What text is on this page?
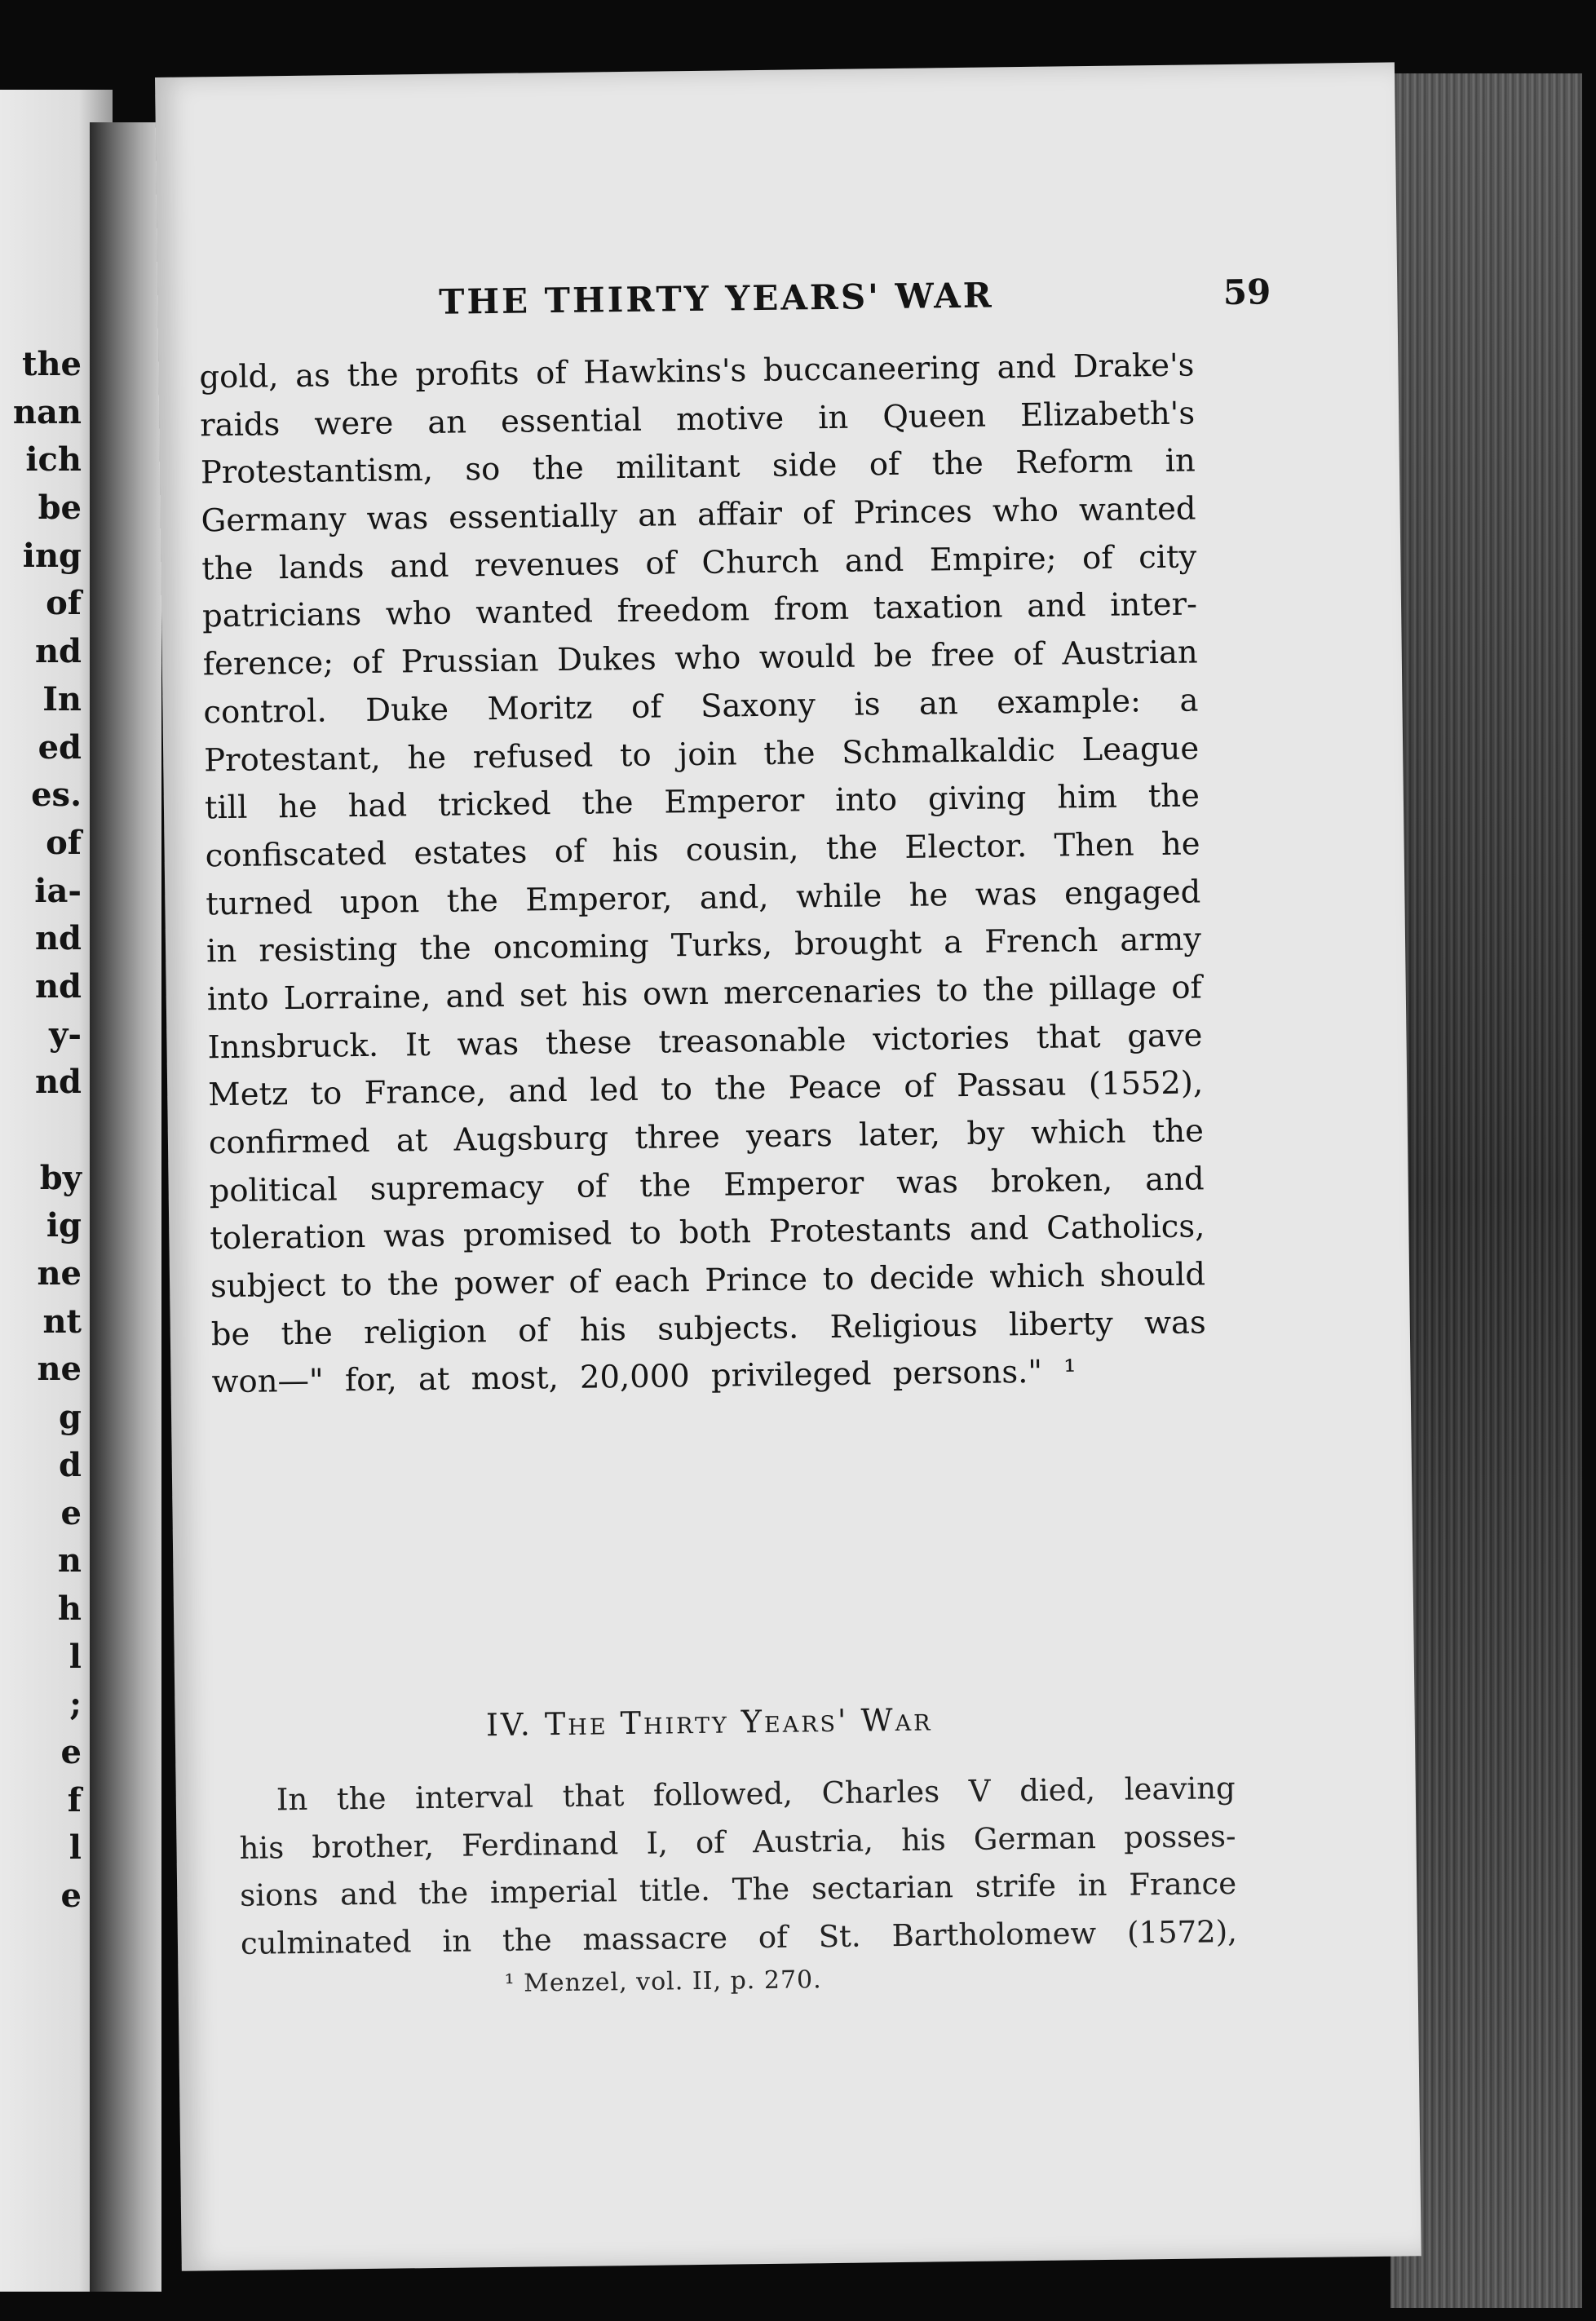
the
nan
ich
be
ing
of
nd
In
ed
es.
of
ia-
nd
nd
y-
nd
by
ig
ne
nt
ne
g
d
e
n
h
l
;
e
f
l
e
THE THIRTY YEARS' WAR	59
gold, as the profits of Hawkins's buccaneering and Drake's
raids were an essential motive in Queen Elizabeth's
Protestantism, so the militant side of the Reform in
Germany was essentially an affair of Princes who wanted
the lands and revenues of Church and Empire; of city
patricians who wanted freedom from taxation and inter-
ference; of Prussian Dukes who would be free of Austrian
control. Duke Moritz of Saxony is an example: a
Protestant, he refused to join the Schmalkaldic League
till he had tricked the Emperor into giving him the
confiscated estates of his cousin, the Elector. Then he
turned upon the Emperor, and, while he was engaged
in resisting the oncoming Turks, brought a French army
into Lorraine, and set his own mercenaries to the pillage of
Innsbruck. It was these treasonable victories that gave
Metz to France, and led to the Peace of Passau (1552),
confirmed at Augsburg three years later, by which the
political supremacy of the Emperor was broken, and
toleration was promised to both Protestants and Catholics,
subject to the power of each Prince to decide which should
be the religion of his subjects. Religious liberty was
won—" for, at most, 20,000 privileged persons." ¹
IV. The Thirty Years' War
In the interval that followed, Charles V died, leaving
his brother, Ferdinand I, of Austria, his German posses-
sions and the imperial title. The sectarian strife in France
culminated in the massacre of St. Bartholomew (1572),
¹ Menzel, vol. II, p. 270.
